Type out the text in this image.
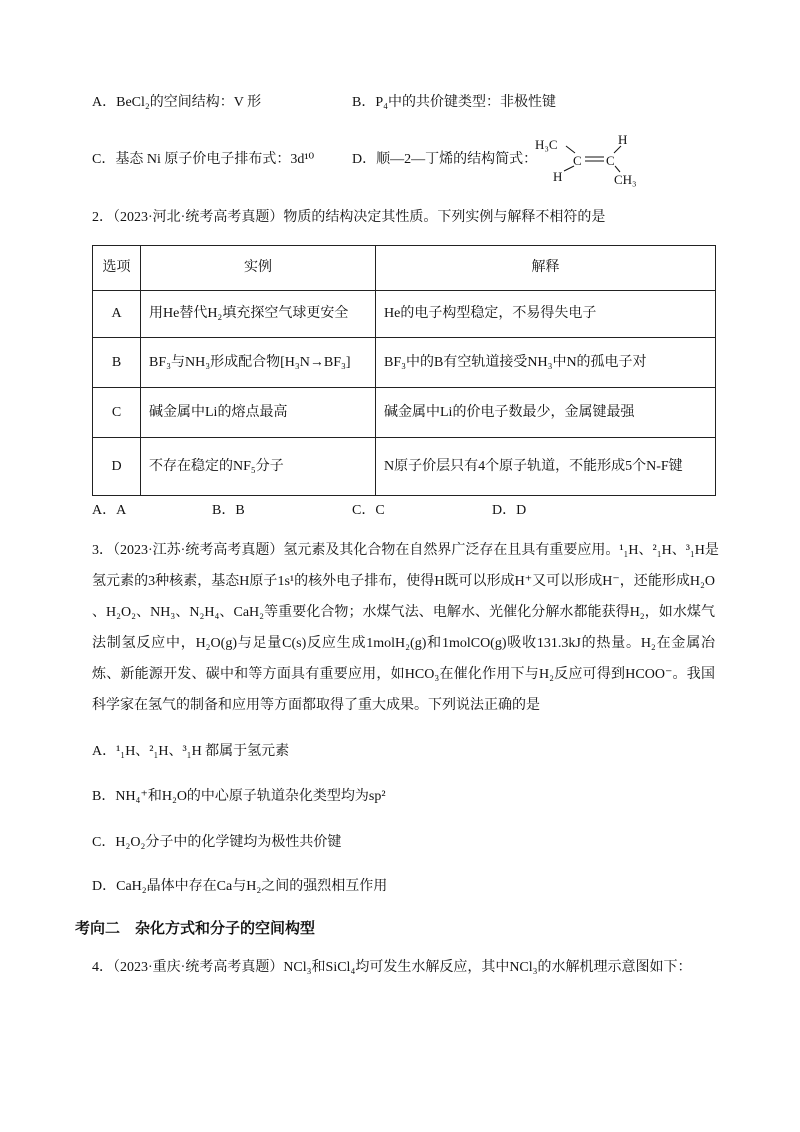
A．BeCl₂的空间结构：V 形	B．P₄中的共价键类型：非极性键
C．基态 Ni 原子价电子排布式：3d¹⁰	D．顺—2—丁烯的结构简式：
H₃C	H
C C
H	CH₃
2．（2023·河北·统考高考真题）物质的结构决定其性质。下列实例与解释不相符的是
选项	实例	解释
A	用He替代H₂填充探空气球更安全	He的电子构型稳定，不易得失电子
B	BF₃与NH₃形成配合物[H₃N→BF₃]	BF₃中的B有空轨道接受NH₃中N的孤电子对
C	碱金属中Li的熔点最高	碱金属中Li的价电子数最少，金属键最强
D	不存在稳定的NF₅分子	N原子价层只有4个原子轨道，不能形成5个N-F键
A．A	B．B	C．C	D．D
3．（2023·江苏·统考高考真题）氢元素及其化合物在自然界广泛存在且具有重要应用。¹₁H、²₁H、³₁H是
氢元素的3种核素，基态H原子1s¹的核外电子排布，使得H既可以形成H⁺又可以形成H⁻，还能形成H₂O
、H₂O₂、NH₃、N₂H₄、CaH₂等重要化合物；水煤气法、电解水、光催化分解水都能获得H₂，如水煤气
法制氢反应中，H₂O(g)与足量C(s)反应生成1molH₂(g)和1molCO(g)吸收131.3kJ的热量。H₂在金属冶
炼、新能源开发、碳中和等方面具有重要应用，如HCO₃在催化作用下与H₂反应可得到HCOO⁻。我国
科学家在氢气的制备和应用等方面都取得了重大成果。下列说法正确的是
A．¹₁H、²₁H、³₁H 都属于氢元素
B．NH₄⁺和H₂O的中心原子轨道杂化类型均为sp²
C．H₂O₂分子中的化学键均为极性共价键
D．CaH₂晶体中存在Ca与H₂之间的强烈相互作用
考向二　杂化方式和分子的空间构型
4．（2023·重庆·统考高考真题）NCl₃和SiCl₄均可发生水解反应，其中NCl₃的水解机理示意图如下：
